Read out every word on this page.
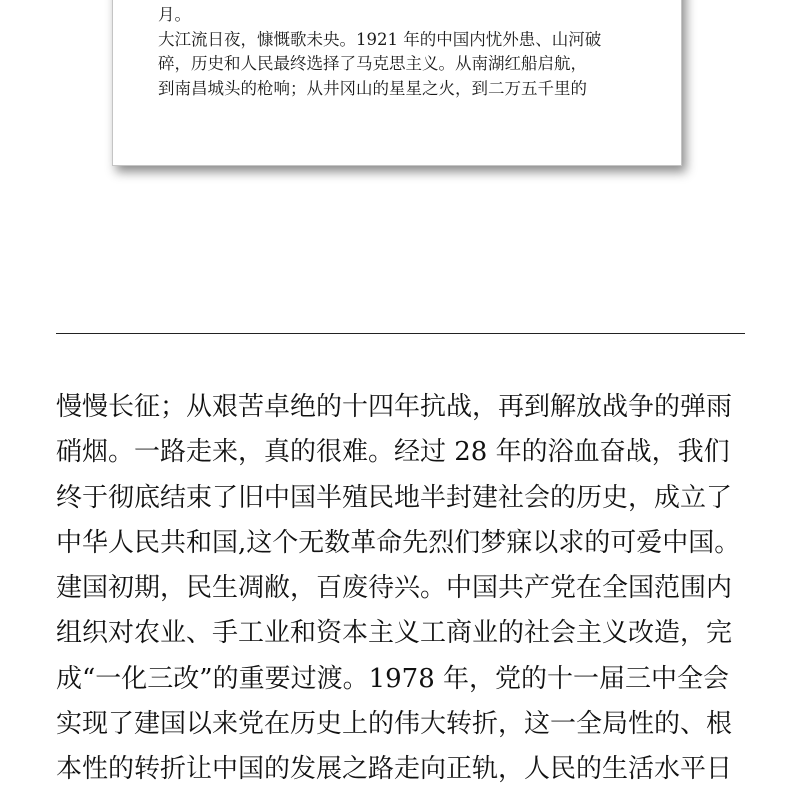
月。
大江流日夜，慷慨歌未央。1921 年的中国内忧外患、山河破
碎，历史和人民最终选择了马克思主义。从南湖红船启航，
到南昌城头的枪响；从井冈山的星星之火，到二万五千里的
慢慢长征；从艰苦卓绝的十四年抗战，再到解放战争的弹雨
硝烟。一路走来，真的很难。经过 28 年的浴血奋战，我们
终于彻底结束了旧中国半殖民地半封建社会的历史，成立了
中华人民共和国,这个无数革命先烈们梦寐以求的可爱中国。
建国初期，民生凋敝，百废待兴。中国共产党在全国范围内
组织对农业、手工业和资本主义工商业的社会主义改造，完
成“一化三改”的重要过渡。1978 年，党的十一届三中全会
实现了建国以来党在历史上的伟大转折，这一全局性的、根
本性的转折让中国的发展之路走向正轨，人民的生活水平日
